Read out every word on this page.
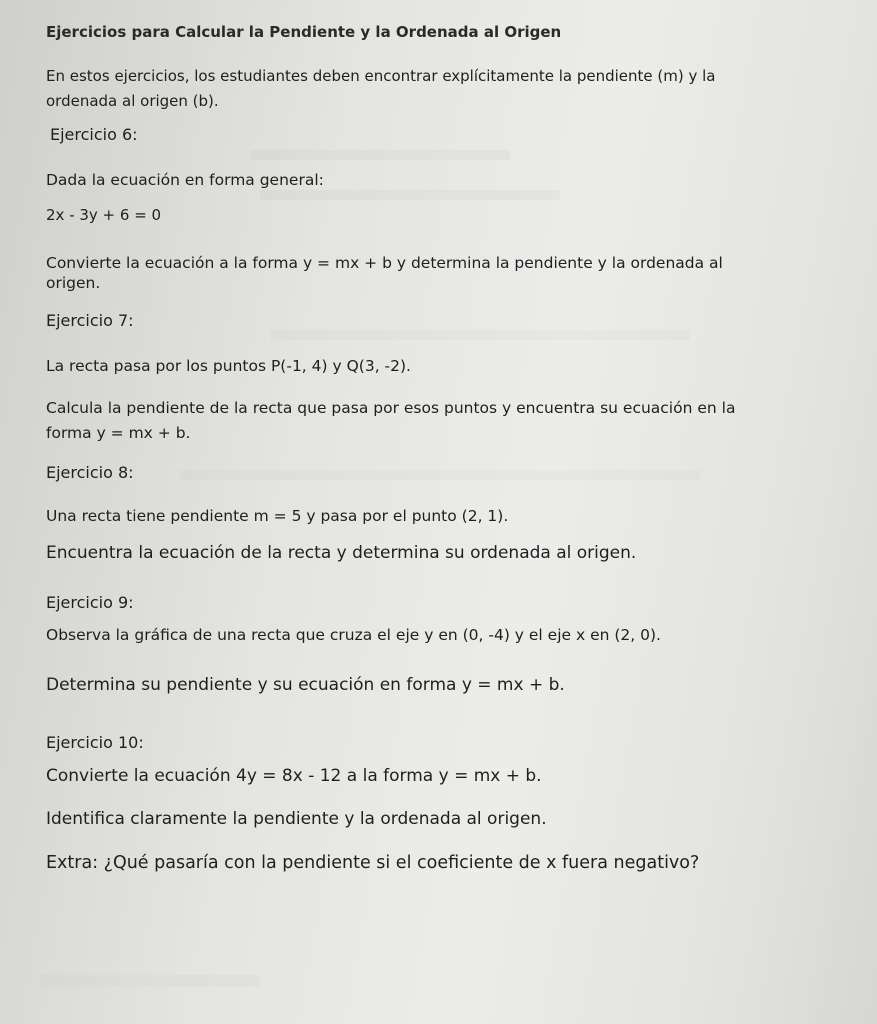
Ejercicios para Calcular la Pendiente y la Ordenada al Origen
En estos ejercicios, los estudiantes deben encontrar explícitamente la pendiente (m) y la
ordenada al origen (b).
Ejercicio 6:
Dada la ecuación en forma general:
2x - 3y + 6 = 0
Convierte la ecuación a la forma y = mx + b y determina la pendiente y la ordenada al
origen.
Ejercicio 7:
La recta pasa por los puntos P(-1, 4) y Q(3, -2).
Calcula la pendiente de la recta que pasa por esos puntos y encuentra su ecuación en la
forma y = mx + b.
Ejercicio 8:
Una recta tiene pendiente m = 5 y pasa por el punto (2, 1).
Encuentra la ecuación de la recta y determina su ordenada al origen.
Ejercicio 9:
Observa la gráfica de una recta que cruza el eje y en (0, -4) y el eje x en (2, 0).
Determina su pendiente y su ecuación en forma y = mx + b.
Ejercicio 10:
Convierte la ecuación 4y = 8x - 12 a la forma y = mx + b.
Identifica claramente la pendiente y la ordenada al origen.
Extra: ¿Qué pasaría con la pendiente si el coeficiente de x fuera negativo?
